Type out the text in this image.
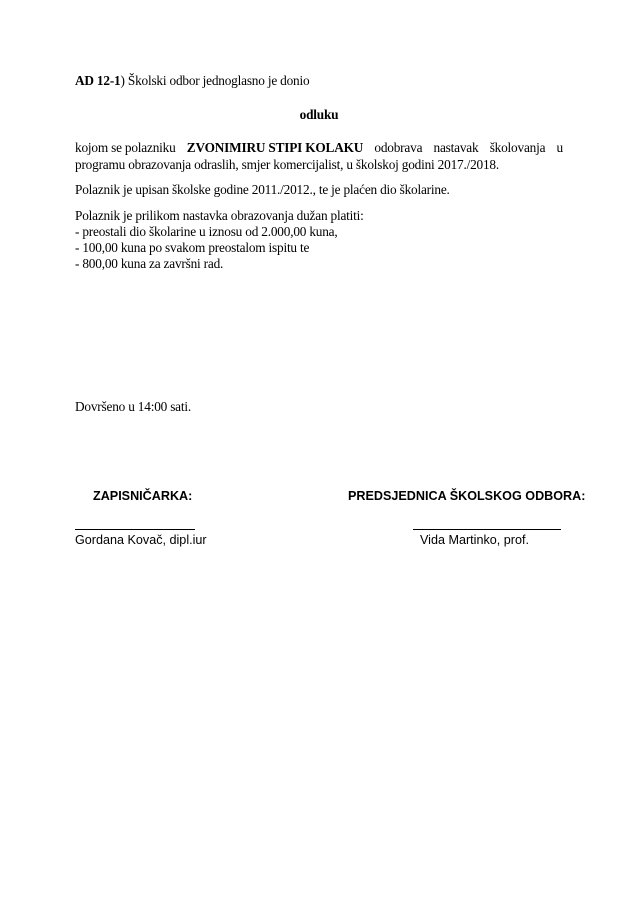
AD 12-1) Školski odbor jednoglasno je donio
odluku
kojom se polazniku ZVONIMIRU STIPI KOLAKU odobrava nastavak školovanja u
programu obrazovanja odraslih, smjer komercijalist, u školskoj godini 2017./2018.
Polaznik je upisan školske godine 2011./2012., te je plaćen dio školarine.
Polaznik je prilikom nastavka obrazovanja dužan platiti:
- preostali dio školarine u iznosu od 2.000,00 kuna,
- 100,00 kuna po svakom preostalom ispitu te
- 800,00 kuna za završni rad.
Dovršeno u 14:00 sati.
ZAPISNIČARKA:	PREDSJEDNICA ŠKOLSKOG ODBORA:
Gordana Kovač, dipl.iur	Vida Martinko, prof.
